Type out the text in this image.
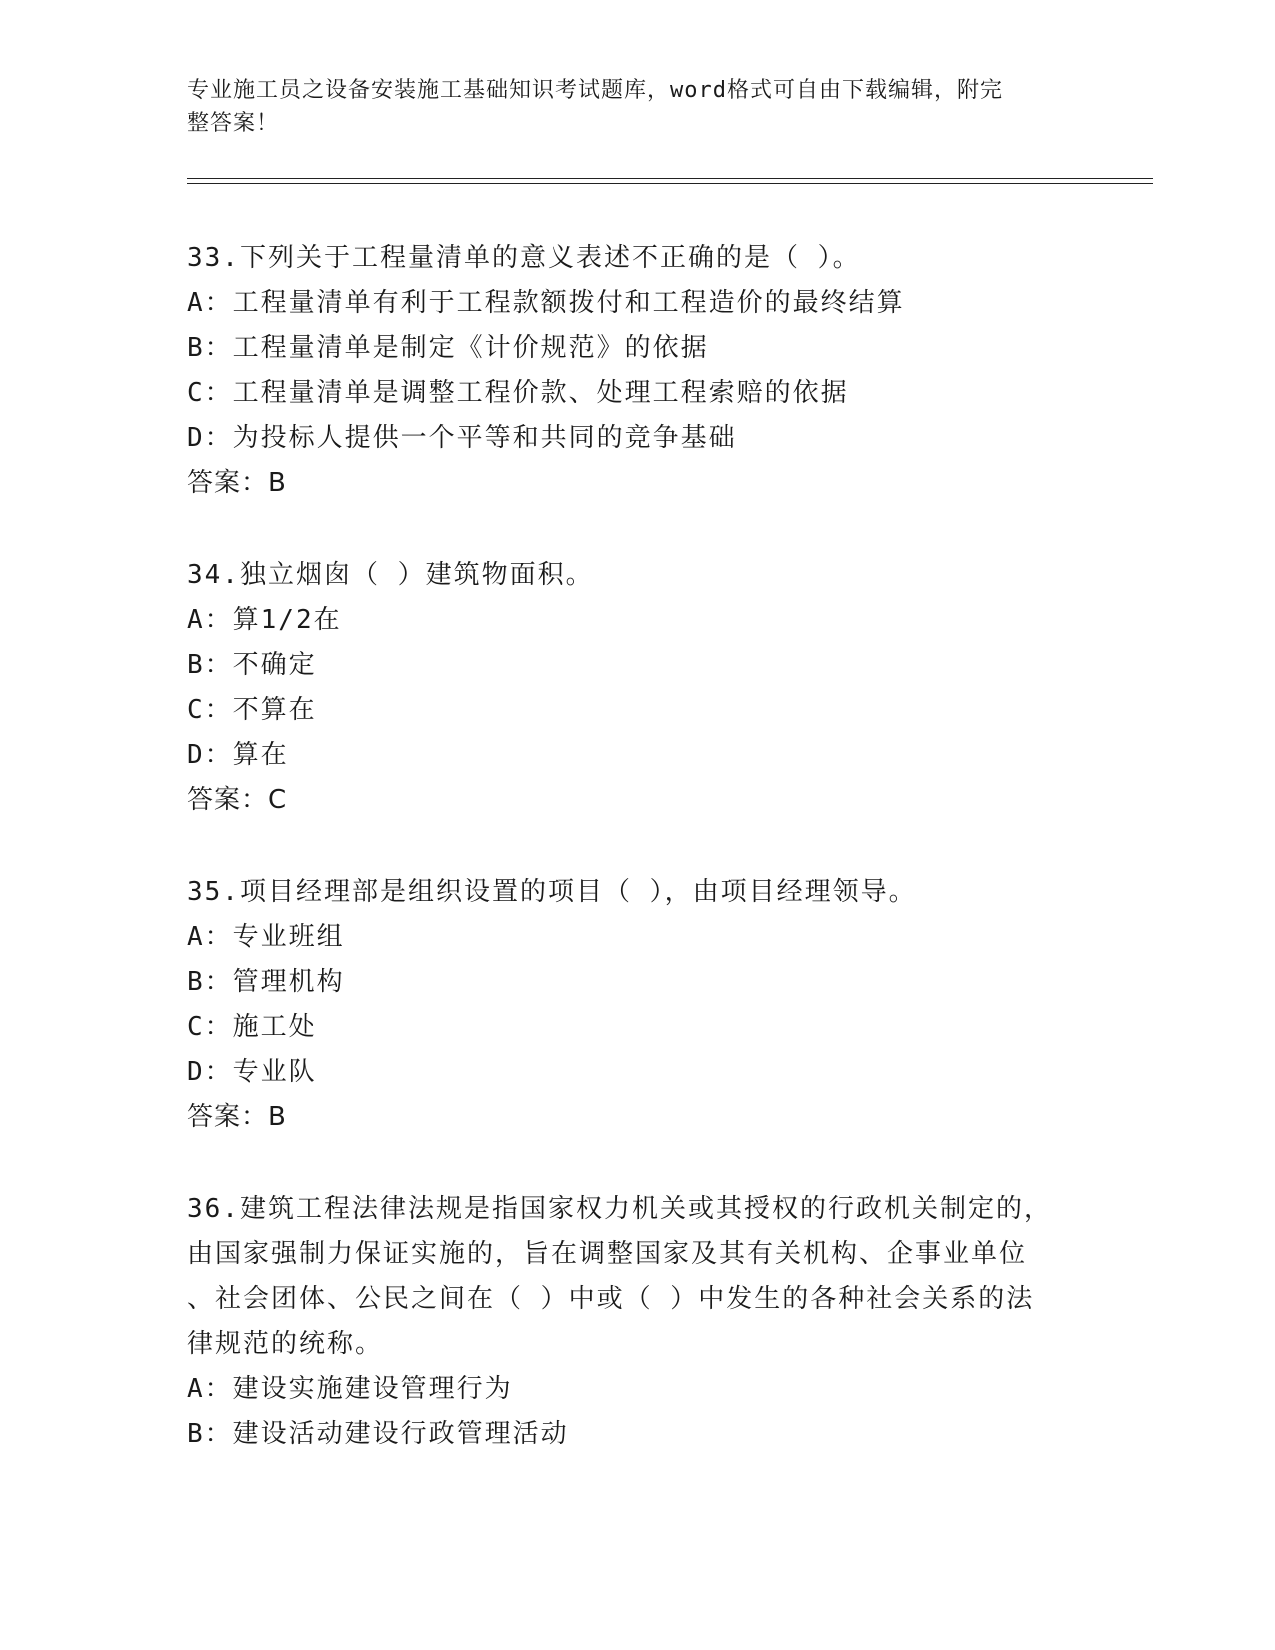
专业施工员之设备安装施工基础知识考试题库，word格式可自由下载编辑，附完
整答案！
33.下列关于工程量清单的意义表述不正确的是（ ）。
A：工程量清单有利于工程款额拨付和工程造价的最终结算
B：工程量清单是制定《计价规范》的依据
C：工程量清单是调整工程价款、处理工程索赔的依据
D：为投标人提供一个平等和共同的竞争基础
答案：B
34.独立烟囱（ ）建筑物面积。
A：算1/2在
B：不确定
C：不算在
D：算在
答案：C
35.项目经理部是组织设置的项目（ ），由项目经理领导。
A：专业班组
B：管理机构
C：施工处
D：专业队
答案：B
36.建筑工程法律法规是指国家权力机关或其授权的行政机关制定的，
由国家强制力保证实施的，旨在调整国家及其有关机构、企事业单位
、社会团体、公民之间在（ ）中或（ ）中发生的各种社会关系的法
律规范的统称。
A：建设实施建设管理行为
B：建设活动建设行政管理活动
